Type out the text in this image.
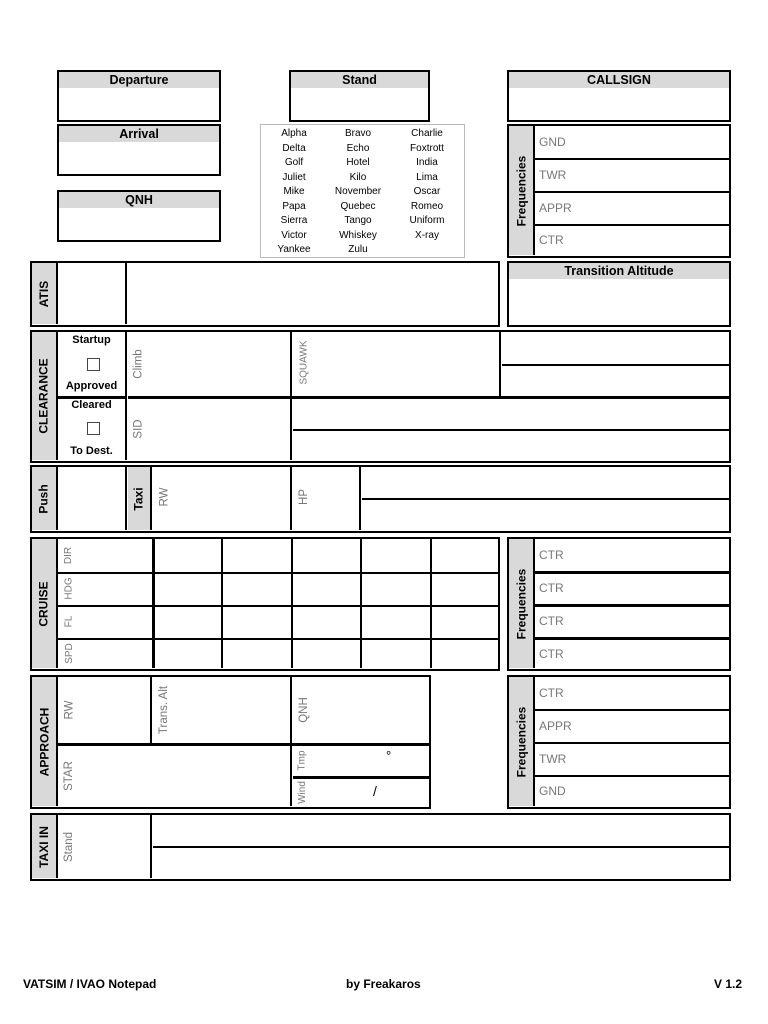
Departure	Stand	CALLSIGN
Arrival
QNH
Alpha	Bravo	Charlie
Delta	Echo	Foxtrott
Golf	Hotel	India
Juliet	Kilo	Lima
Mike	November	Oscar
Papa	Quebec	Romeo
Sierra	Tango	Uniform
Victor	Whiskey	X-ray
Yankee	Zulu
Frequencies
GND
TWR
APPR
CTR
ATIS
Transition Altitude
CLEARANCE
Startup
Approved
Cleared
To Dest.
Climb	SQUAWK
SID
Push	Taxi RW	HP
CRUISE
DIR
HDG
FL
SPD
Frequencies
CTR
CTR
CTR
CTR
APPROACH RW	Trans. Alt	QNH
STAR
Tmp	°
Wind	/
Frequencies
CTR
APPR
TWR
GND
TAXI IN Stand
VATSIM / IVAO Notepad	by Freakaros	V 1.2
